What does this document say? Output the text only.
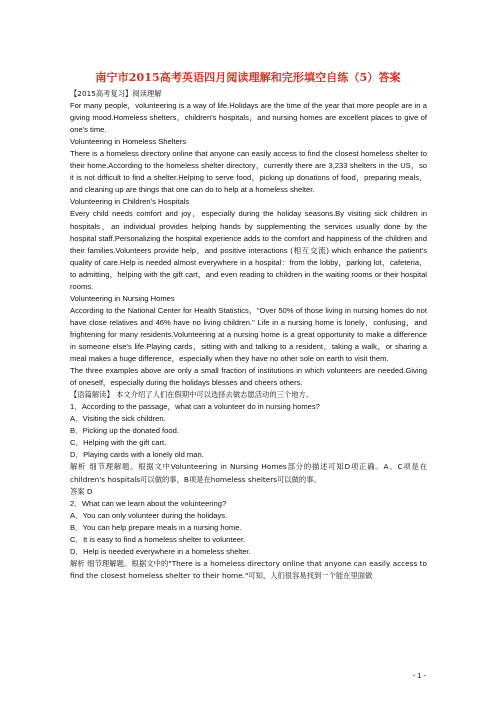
南宁市2015高考英语四月阅读理解和完形填空自练（5）答案

【2015高考复习】阅读理解

For many people，volunteering is a way of life.Holidays are the time of the year that more people are in a giving mood.Homeless shelters，children's hospitals，and nursing homes are excellent places to give of one's time.

Volunteering in Homeless Shelters

There is a homeless directory online that anyone can easily access to find the closest homeless shelter to their home.According to the homeless shelter directory，currently there are 3,233 shelters in the US，so it is not difficult to find a shelter.Helping to serve food，picking up donations of food，preparing meals，and cleaning up are things that one can do to help at a homeless shelter.

Volunteering in Children's Hospitals

Every child needs comfort and joy，especially during the holiday seasons.By visiting sick children in hospitals，an individual provides helping hands by supplementing the services usually done by the hospital staff.Personalizing the hospital experience adds to the comfort and happiness of the children and their families.Volunteers provide help，and positive interactions (相互交流) which enhance the patient's quality of care.Help is needed almost everywhere in a hospital：from the lobby，parking lot，cafeteria，to admitting，helping with the gift cart，and even reading to children in the waiting rooms or their hospital rooms.

Volunteering in Nursing Homes

According to the National Center for Health Statistics，"Over 50% of those living in nursing homes do not have close relatives and 46% have no living children." Life in a nursing home is lonely，confusing，and frightening for many residents.Volunteering at a nursing home is a great opportunity to make a difference in someone else's life.Playing cards，sitting with and talking to a resident，taking a walk，or sharing a meal makes a huge difference，especially when they have no other sole on earth to visit them.

The three examples above are only a small fraction of institutions in which volunteers are needed.Giving of oneself，especially during the holidays blesses and cheers others.

【语篇解读】 本文介绍了人们在假期中可以选择去做志愿活动的三个地方。

1．According to the passage，what can a volunteer do in nursing homes?

A．Visiting the sick children.

B．Picking up the donated food.

C．Helping with the gift cart.

D．Playing cards with a lonely old man.

解析 细节理解题。根据文中Volunteering in Nursing Homes部分的描述可知D项正确。A、C项是在children's hospitals可以做的事，B项是在homeless shelters可以做的事。

答案 D

2．What can we learn about the volunteering?

A．You can only volunteer during the holidays.

B．You can help prepare meals in a nursing home.

C．It is easy to find a homeless shelter to volunteer.

D．Help is needed everywhere in a homeless shelter.

解析 细节理解题。根据文中的"There is a homeless directory online that anyone can easily access to find the closest homeless shelter to their home."可知，人们很容易找到一个能在里面做

- 1 -
